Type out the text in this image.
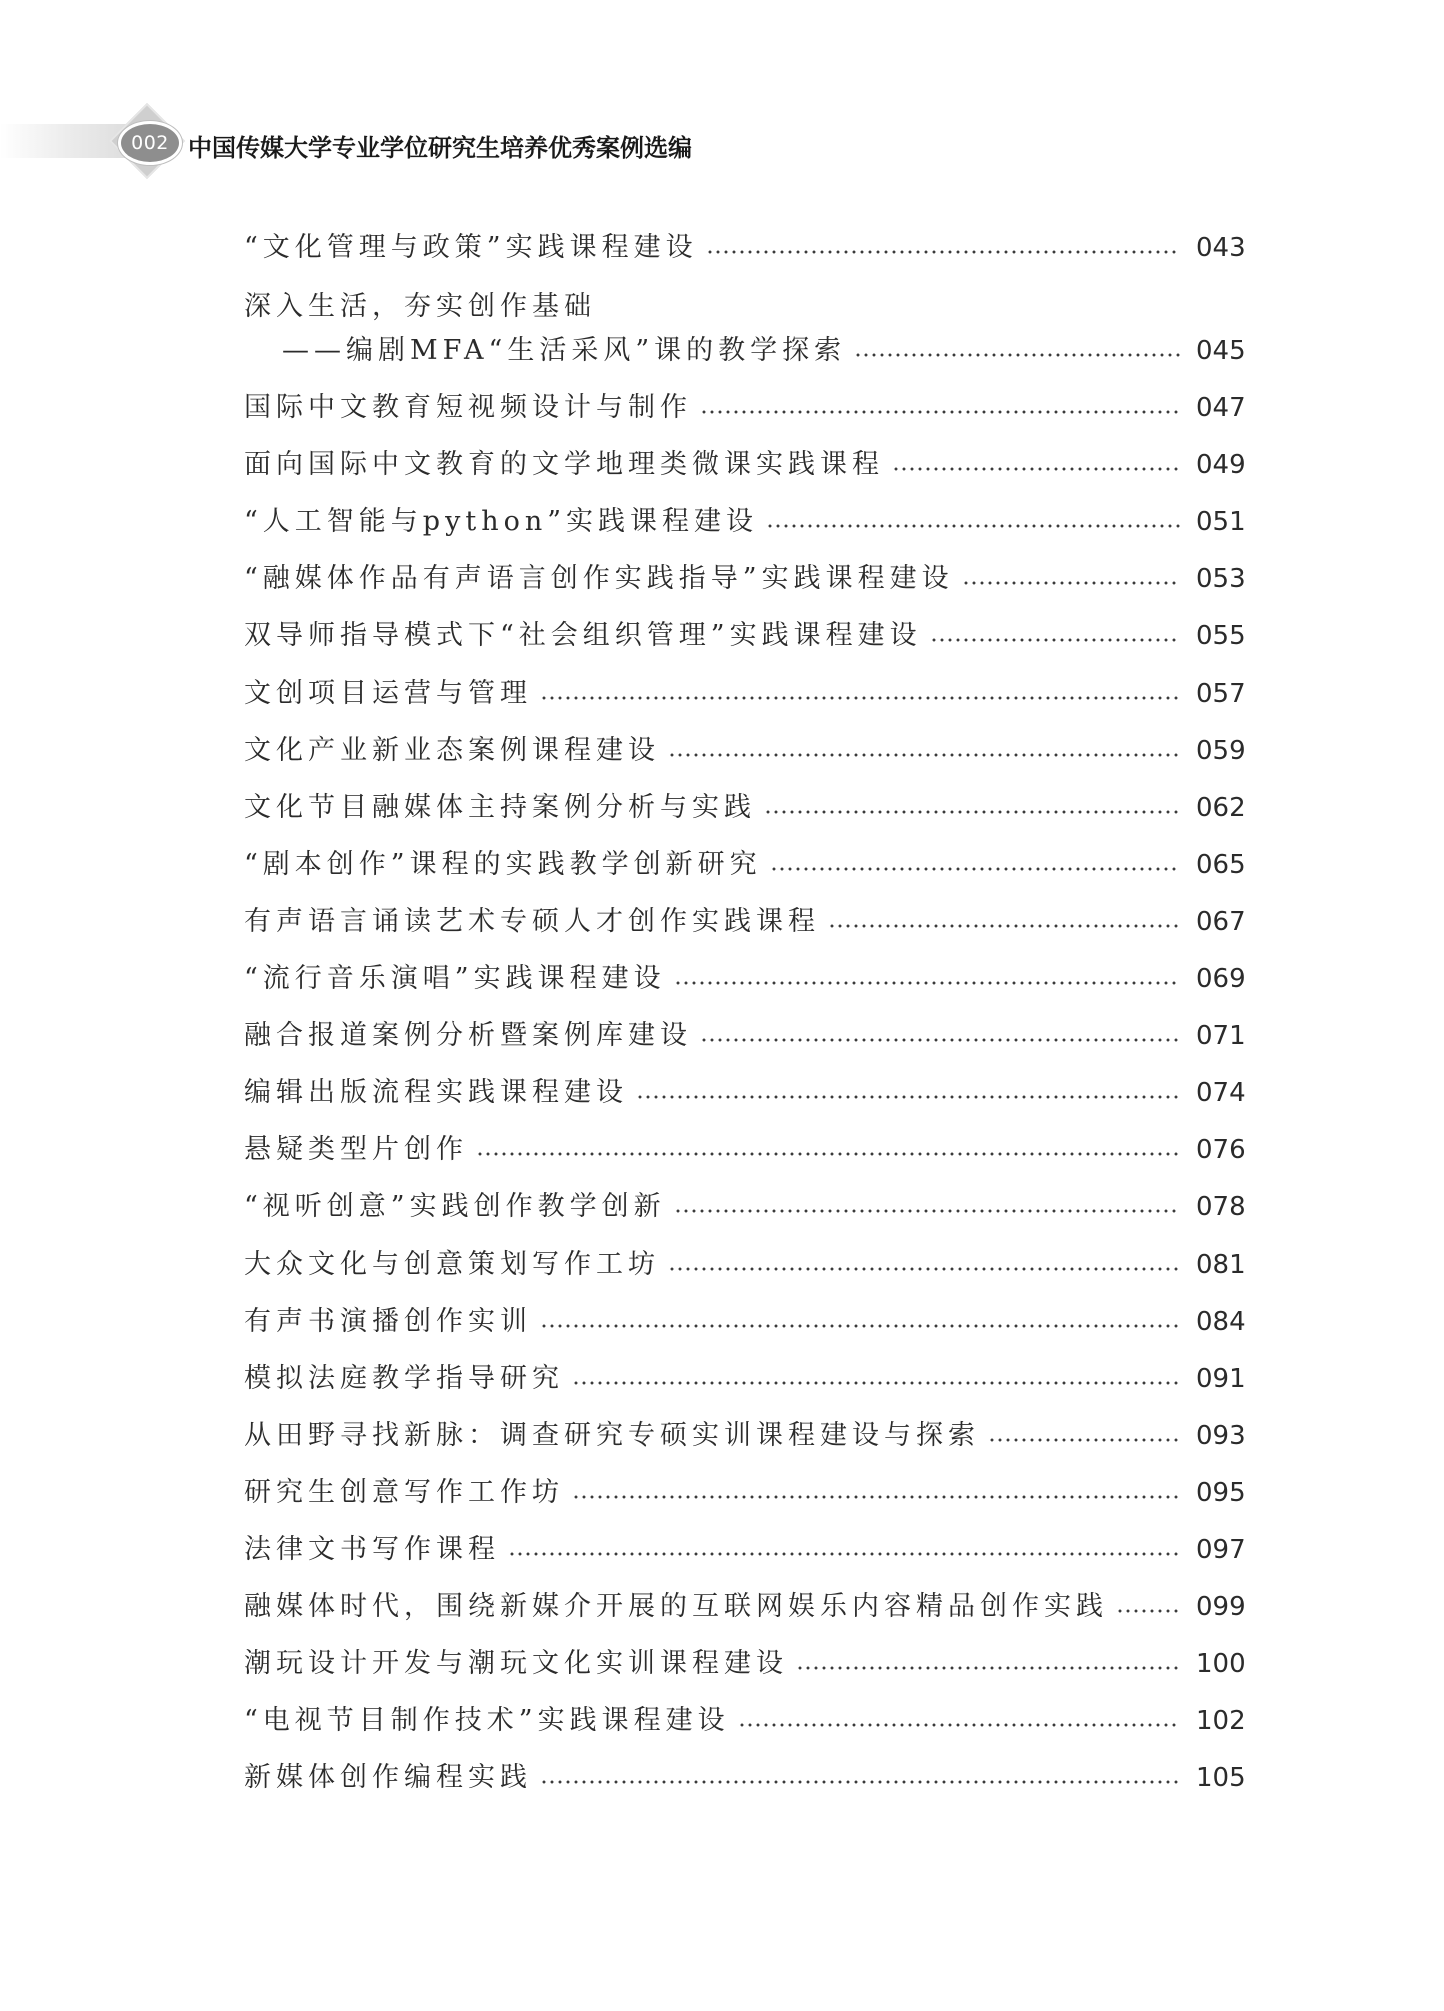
002 中国传媒大学专业学位研究生培养优秀案例选编
“文化管理与政策”实践课程建设	043
深入生活，夯实创作基础
——编剧MFA“生活采风”课的教学探索	045
国际中文教育短视频设计与制作	047
面向国际中文教育的文学地理类微课实践课程	049
“人工智能与python”实践课程建设	051
“融媒体作品有声语言创作实践指导”实践课程建设	053
双导师指导模式下“社会组织管理”实践课程建设	055
文创项目运营与管理	057
文化产业新业态案例课程建设	059
文化节目融媒体主持案例分析与实践	062
“剧本创作”课程的实践教学创新研究	065
有声语言诵读艺术专硕人才创作实践课程	067
“流行音乐演唱”实践课程建设	069
融合报道案例分析暨案例库建设	071
编辑出版流程实践课程建设	074
悬疑类型片创作	076
“视听创意”实践创作教学创新	078
大众文化与创意策划写作工坊	081
有声书演播创作实训	084
模拟法庭教学指导研究	091
从田野寻找新脉：调查研究专硕实训课程建设与探索	093
研究生创意写作工作坊	095
法律文书写作课程	097
融媒体时代，围绕新媒介开展的互联网娱乐内容精品创作实践	099
潮玩设计开发与潮玩文化实训课程建设	100
“电视节目制作技术”实践课程建设	102
新媒体创作编程实践	105
